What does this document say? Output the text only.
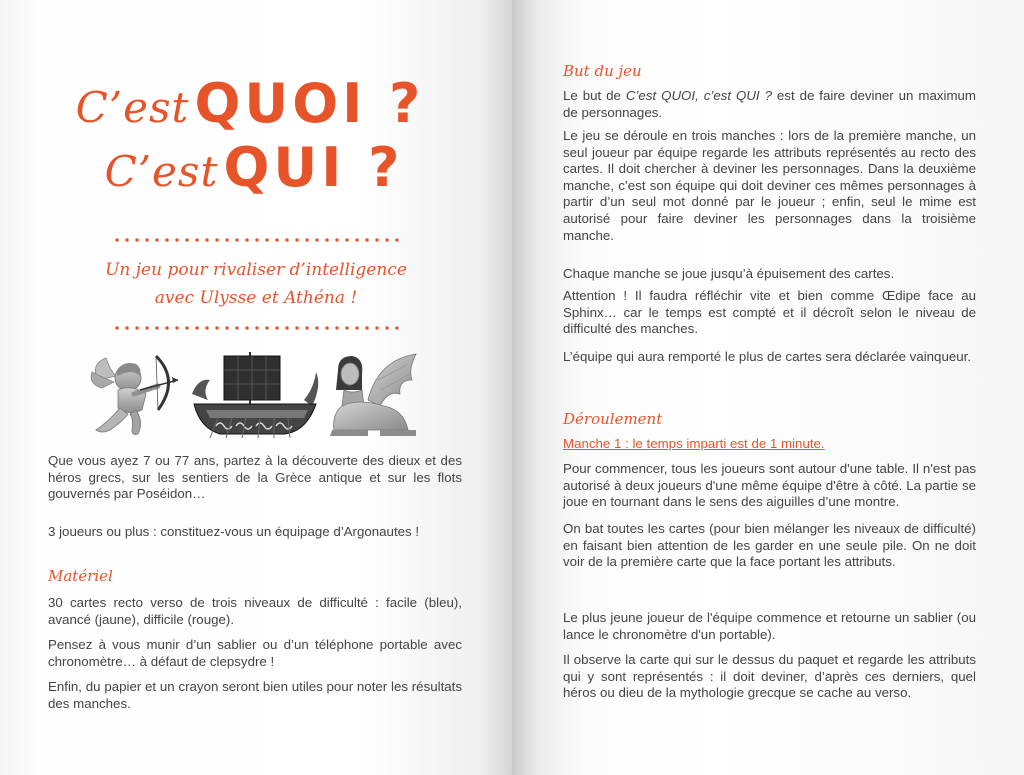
C’est QUOI ?
C’est QUI ?
Un jeu pour rivaliser d’intelligence
avec Ulysse et Athéna !
Que vous ayez 7 ou 77 ans, partez à la découverte des dieux et des héros grecs, sur les sentiers de la Grèce antique et sur les flots gouvernés par Poséidon…
3 joueurs ou plus : constituez-vous un équipage d’Argonautes !
Matériel
30 cartes recto verso de trois niveaux de difficulté : facile (bleu), avancé (jaune), difficile (rouge).
Pensez à vous munir d’un sablier ou d’un téléphone portable avec chronomètre… à défaut de clepsydre !
Enfin, du papier et un crayon seront bien utiles pour noter les résultats des manches.
But du jeu
Le but de C’est QUOI, c’est QUI ? est de faire deviner un maximum de personnages.
Le jeu se déroule en trois manches : lors de la première manche, un seul joueur par équipe regarde les attributs représentés au recto des cartes. Il doit chercher à deviner les personnages. Dans la deuxième manche, c’est son équipe qui doit deviner ces mêmes personnages à partir d’un seul mot donné par le joueur ; enfin, seul le mime est autorisé pour faire deviner les personnages dans la troisième manche.
Chaque manche se joue jusqu’à épuisement des cartes.
Attention ! Il faudra réfléchir vite et bien comme Œdipe face au Sphinx… car le temps est compté et il décroît selon le niveau de difficulté des manches.
L’équipe qui aura remporté le plus de cartes sera déclarée vainqueur.
Déroulement
Manche 1 : le temps imparti est de 1 minute.
Pour commencer, tous les joueurs sont autour d'une table. Il n'est pas autorisé à deux joueurs d'une même équipe d'être à côté. La partie se joue en tournant dans le sens des aiguilles d’une montre.
On bat toutes les cartes (pour bien mélanger les niveaux de difficulté) en faisant bien attention de les garder en une seule pile. On ne doit voir de la première carte que la face portant les attributs.
Le plus jeune joueur de l'équipe commence et retourne un sablier (ou lance le chronomètre d'un portable).
Il observe la carte qui sur le dessus du paquet et regarde les attributs qui y sont représentés : il doit deviner, d’après ces derniers, quel héros ou dieu de la mythologie grecque se cache au verso.
